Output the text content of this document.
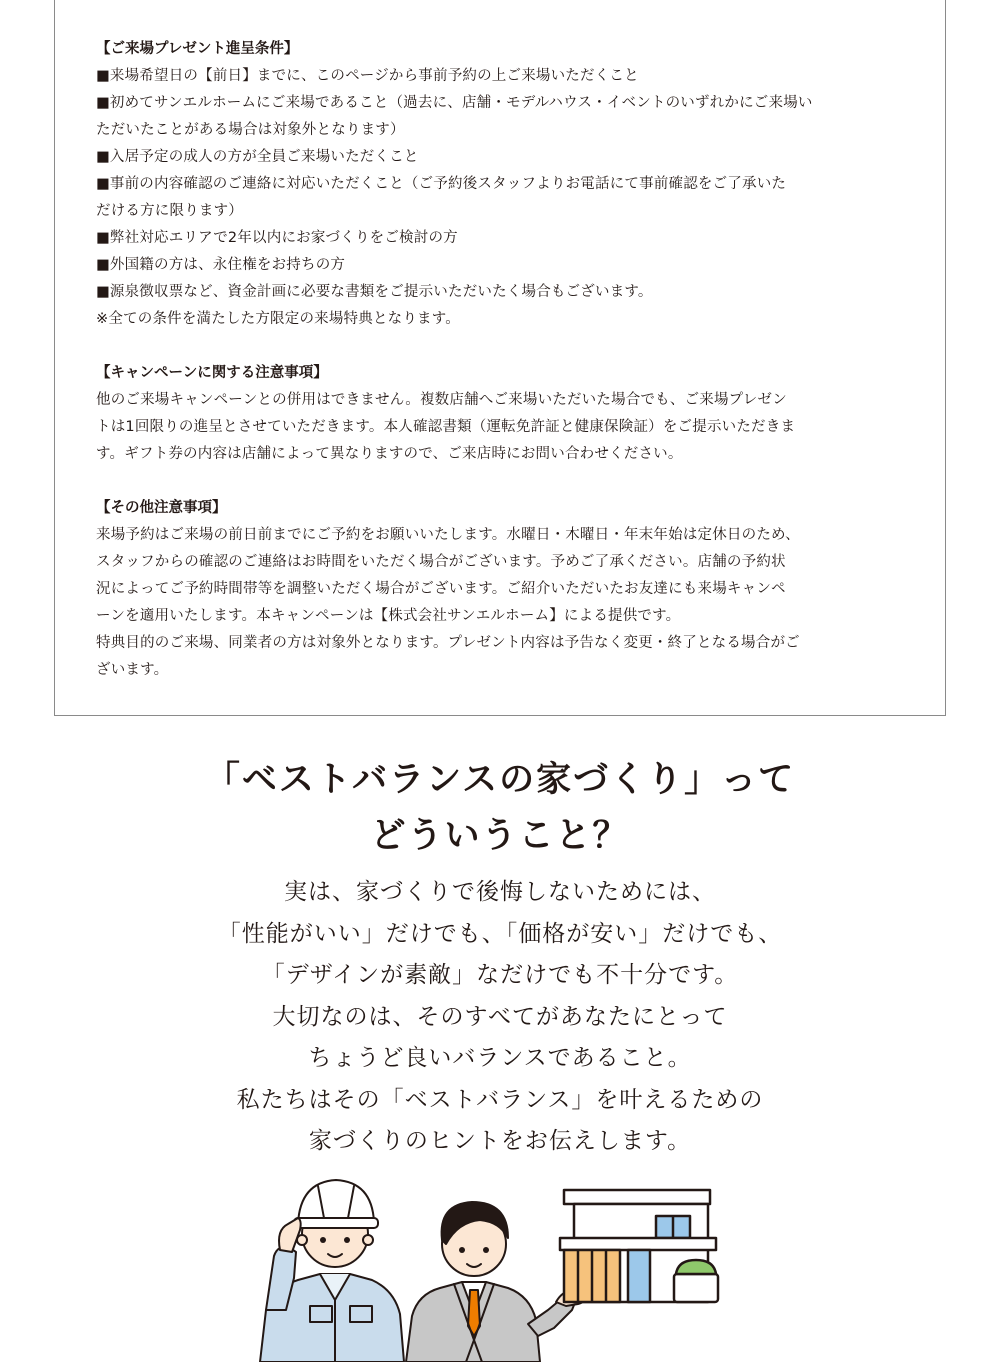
【ご来場プレゼント進呈条件】

■来場希望日の【前日】までに、このページから事前予約の上ご来場いただくこと

■初めてサンエルホームにご来場であること（過去に、店舗・モデルハウス・イベントのいずれかにご来場い

ただいたことがある場合は対象外となります）

■入居予定の成人の方が全員ご来場いただくこと

■事前の内容確認のご連絡に対応いただくこと（ご予約後スタッフよりお電話にて事前確認をご了承いた

だける方に限ります）

■弊社対応エリアで2年以内にお家づくりをご検討の方

■外国籍の方は、永住権をお持ちの方

■源泉徴収票など、資金計画に必要な書類をご提示いただいたく場合もございます。

※全ての条件を満たした方限定の来場特典となります。

【キャンペーンに関する注意事項】

他のご来場キャンペーンとの併用はできません。複数店舗へご来場いただいた場合でも、ご来場プレゼン

トは1回限りの進呈とさせていただきます。本人確認書類（運転免許証と健康保険証）をご提示いただきま

す。ギフト券の内容は店舗によって異なりますので、ご来店時にお問い合わせください。

【その他注意事項】

来場予約はご来場の前日前までにご予約をお願いいたします。水曜日・木曜日・年末年始は定休日のため、

スタッフからの確認のご連絡はお時間をいただく場合がございます。予めご了承ください。店舗の予約状

況によってご予約時間帯等を調整いただく場合がございます。ご紹介いただいたお友達にも来場キャンペ

ーンを適用いたします。本キャンペーンは【株式会社サンエルホーム】による提供です。

特典目的のご来場、同業者の方は対象外となります。プレゼント内容は予告なく変更・終了となる場合がご

ざいます。

「ベストバランスの家づくり」って
どういうこと？

実は、家づくりで後悔しないためには、

「性能がいい」だけでも、「価格が安い」だけでも、

「デザインが素敵」なだけでも不十分です。

大切なのは、そのすべてがあなたにとって

ちょうど良いバランスであること。

私たちはその「ベストバランス」を叶えるための

家づくりのヒントをお伝えします。
